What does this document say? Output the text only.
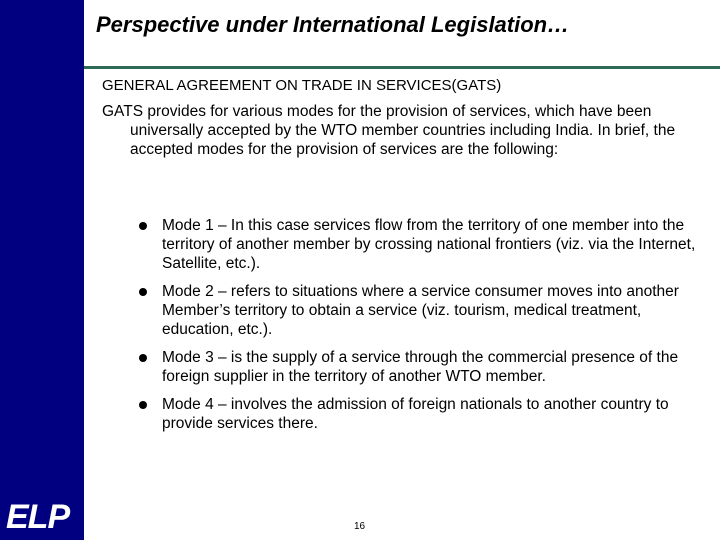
ELP
Perspective under International Legislation…
GENERAL AGREEMENT ON TRADE IN SERVICES(GATS)
GATS provides for various modes for the provision of services, which have been universally accepted by the WTO member countries including India. In brief, the accepted modes for the provision of services are the following:
Mode 1 – In this case services flow from the territory of one member into the territory of another member by crossing national frontiers (viz. via the Internet, Satellite, etc.).
Mode 2 – refers to situations where a service consumer moves into another Member’s territory to obtain a service (viz. tourism, medical treatment, education, etc.).
Mode 3 – is the supply of a service through the commercial presence of the foreign supplier in the territory of another WTO member.
Mode 4 – involves the admission of foreign nationals to another country to provide services there.
16
